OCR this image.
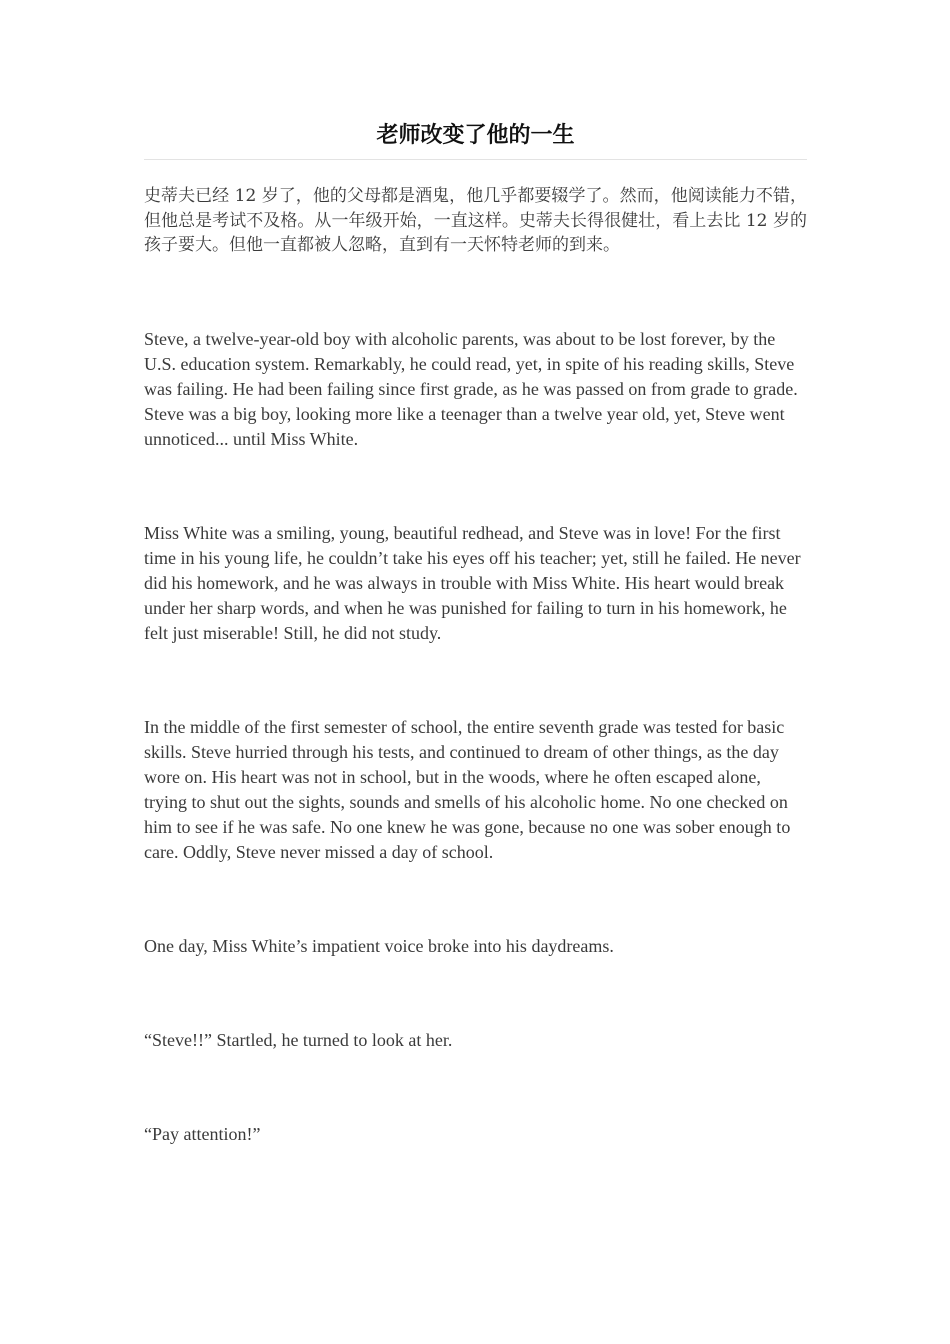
老师改变了他的一生

史蒂夫已经 12 岁了，他的父母都是酒鬼，他几乎都要辍学了。然而，他阅读能力不错，但他总是考试不及格。从一年级开始，一直这样。史蒂夫长得很健壮，看上去比 12 岁的孩子要大。但他一直都被人忽略，直到有一天怀特老师的到来。

Steve, a twelve-year-old boy with alcoholic parents, was about to be lost forever, by the U.S. education system. Remarkably, he could read, yet, in spite of his reading skills, Steve was failing. He had been failing since first grade, as he was passed on from grade to grade. Steve was a big boy, looking more like a teenager than a twelve year old, yet, Steve went unnoticed... until Miss White.

Miss White was a smiling, young, beautiful redhead, and Steve was in love! For the first time in his young life, he couldn’t take his eyes off his teacher; yet, still he failed. He never did his homework, and he was always in trouble with Miss White. His heart would break under her sharp words, and when he was punished for failing to turn in his homework, he felt just miserable! Still, he did not study.

In the middle of the first semester of school, the entire seventh grade was tested for basic skills. Steve hurried through his tests, and continued to dream of other things, as the day wore on. His heart was not in school, but in the woods, where he often escaped alone, trying to shut out the sights, sounds and smells of his alcoholic home. No one checked on him to see if he was safe. No one knew he was gone, because no one was sober enough to care. Oddly, Steve never missed a day of school.

One day, Miss White’s impatient voice broke into his daydreams.

“Steve!!” Startled, he turned to look at her.

“Pay attention!”
